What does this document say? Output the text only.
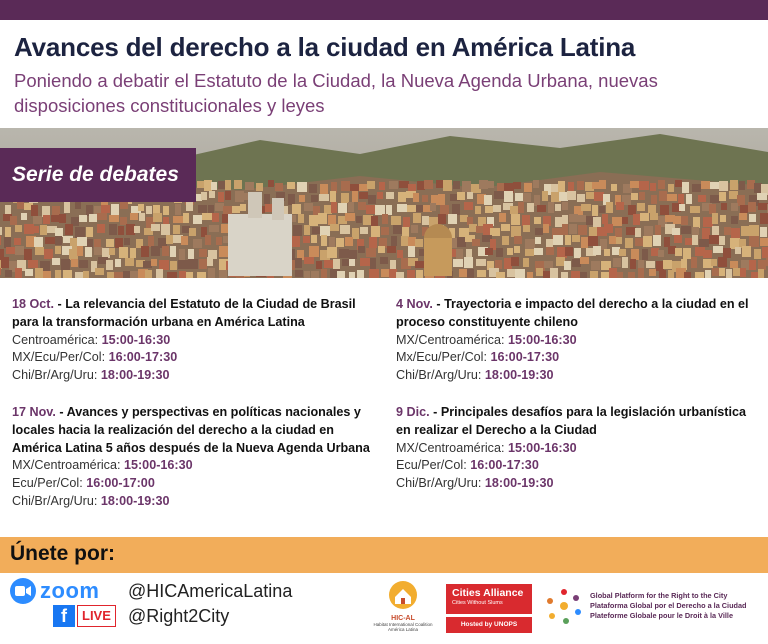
Avances del derecho a la ciudad en América Latina

Poniendo a debatir el Estatuto de la Ciudad, la Nueva Agenda Urbana, nuevas disposiciones constitucionales y leyes

Serie de debates

18 Oct. - La relevancia del Estatuto de la Ciudad de Brasil para la transformación urbana en América Latina

Centroamérica: 15:00-16:30

MX/Ecu/Per/Col: 16:00-17:30

Chi/Br/Arg/Uru: 18:00-19:30

4 Nov. - Trayectoria e impacto del derecho a la ciudad en el proceso constituyente chileno

MX/Centroamérica: 15:00-16:30

Mx/Ecu/Per/Col: 16:00-17:30

Chi/Br/Arg/Uru: 18:00-19:30

17 Nov. - Avances y perspectivas en políticas nacionales y locales hacia la realización del derecho a la ciudad en América Latina 5 años después de la Nueva Agenda Urbana

MX/Centroamérica: 15:00-16:30

Ecu/Per/Col: 16:00-17:00

Chi/Br/Arg/Uru: 18:00-19:30

9 Dic. - Principales desafíos para la legislación urbanística en realizar el Derecho a la Ciudad

MX/Centroamérica: 15:00-16:30

Ecu/Per/Col: 16:00-17:30

Chi/Br/Arg/Uru: 18:00-19:30

Únete por:
zoom @HICAmericaLatina
f	LIVE @Right2City	HIC-AL
Habitat International Coalition América Latina
Cities Alliance
Cities Without Slums
Hosted by UNOPS
Global Platform for the Right to the City
Plataforma Global por el Derecho a la Ciudad
Plateforme Globale pour le Droit à la Ville
